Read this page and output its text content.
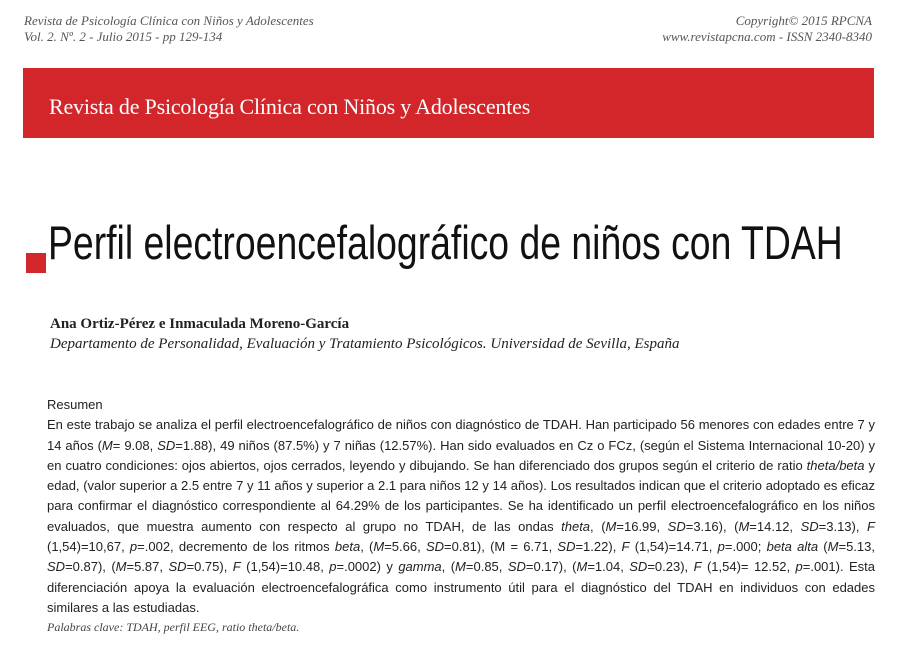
Revista de Psicología Clínica con Niños y Adolescentes
Vol. 2. Nº. 2 - Julio 2015 - pp 129-134
Copyright© 2015 RPCNA
www.revistapcna.com - ISSN 2340-8340
Revista de Psicología Clínica con Niños y Adolescentes
Perfil electroencefalográfico de niños con TDAH
Ana Ortiz-Pérez e Inmaculada Moreno-García
Departamento de Personalidad, Evaluación y Tratamiento Psicológicos. Universidad de Sevilla, España

Resumen

En este trabajo se analiza el perfil electroencefalográfico de niños con diagnóstico de TDAH. Han participado 56 menores con edades entre 7 y 14 años (M= 9.08, SD=1.88), 49 niños (87.5%) y 7 niñas (12.57%). Han sido evaluados en Cz o FCz, (según el Sistema Internacional 10-20) y en cuatro condiciones: ojos abiertos, ojos cerrados, leyendo y dibujando. Se han diferenciado dos grupos según el criterio de ratio theta/beta y edad, (valor superior a 2.5 entre 7 y 11 años y superior a 2.1 para niños 12 y 14 años). Los resultados indican que el criterio adoptado es eficaz para confirmar el diagnóstico correspondiente al 64.29% de los participantes. Se ha identificado un perfil electroencefalográfico en los niños evaluados, que muestra aumento con respecto al grupo no TDAH, de las ondas theta, (M=16.99, SD=3.16), (M=14.12, SD=3.13), F (1,54)=10,67, p=.002, decremento de los ritmos beta, (M=5.66, SD=0.81), (M = 6.71, SD=1.22), F (1,54)=14.71, p=.000; beta alta (M=5.13, SD=0.87), (M=5.87, SD=0.75), F (1,54)=10.48, p=.0002) y gamma, (M=0.85, SD=0.17), (M=1.04, SD=0.23), F (1,54)= 12.52, p=.001). Esta diferenciación apoya la evaluación electroencefalográfica como instrumento útil para el diagnóstico del TDAH en individuos con edades similares a las estudiadas.

Palabras clave: TDAH, perfil EEG, ratio theta/beta.
